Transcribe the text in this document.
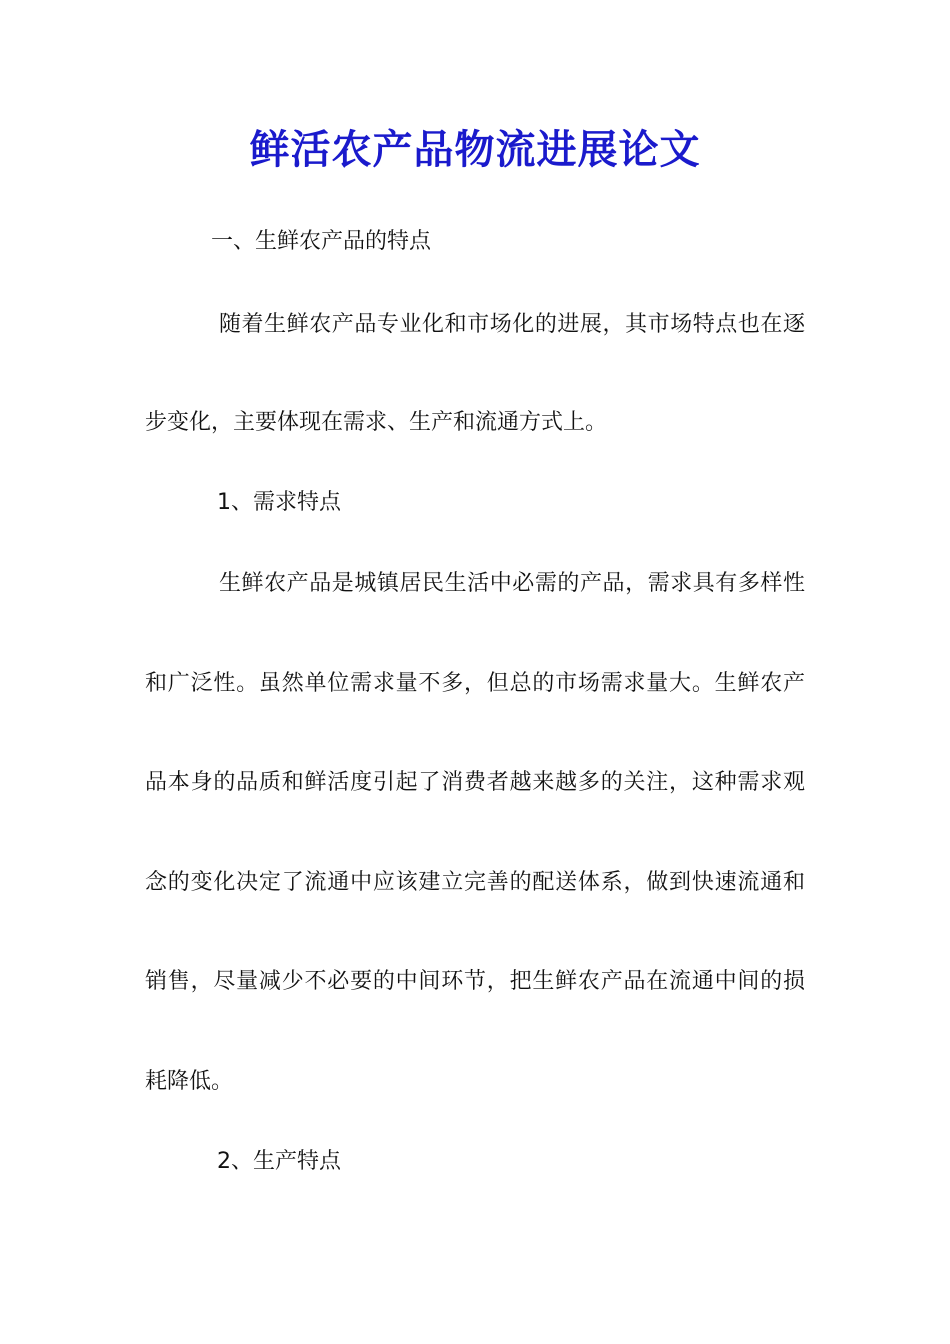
鲜活农产品物流进展论文
一、生鲜农产品的特点
随着生鲜农产品专业化和市场化的进展，其市场特点也在逐
步变化，主要体现在需求、生产和流通方式上。
1、需求特点
生鲜农产品是城镇居民生活中必需的产品，需求具有多样性
和广泛性。虽然单位需求量不多，但总的市场需求量大。生鲜农产
品本身的品质和鲜活度引起了消费者越来越多的关注，这种需求观
念的变化决定了流通中应该建立完善的配送体系，做到快速流通和
销售，尽量减少不必要的中间环节，把生鲜农产品在流通中间的损
耗降低。
2、生产特点
